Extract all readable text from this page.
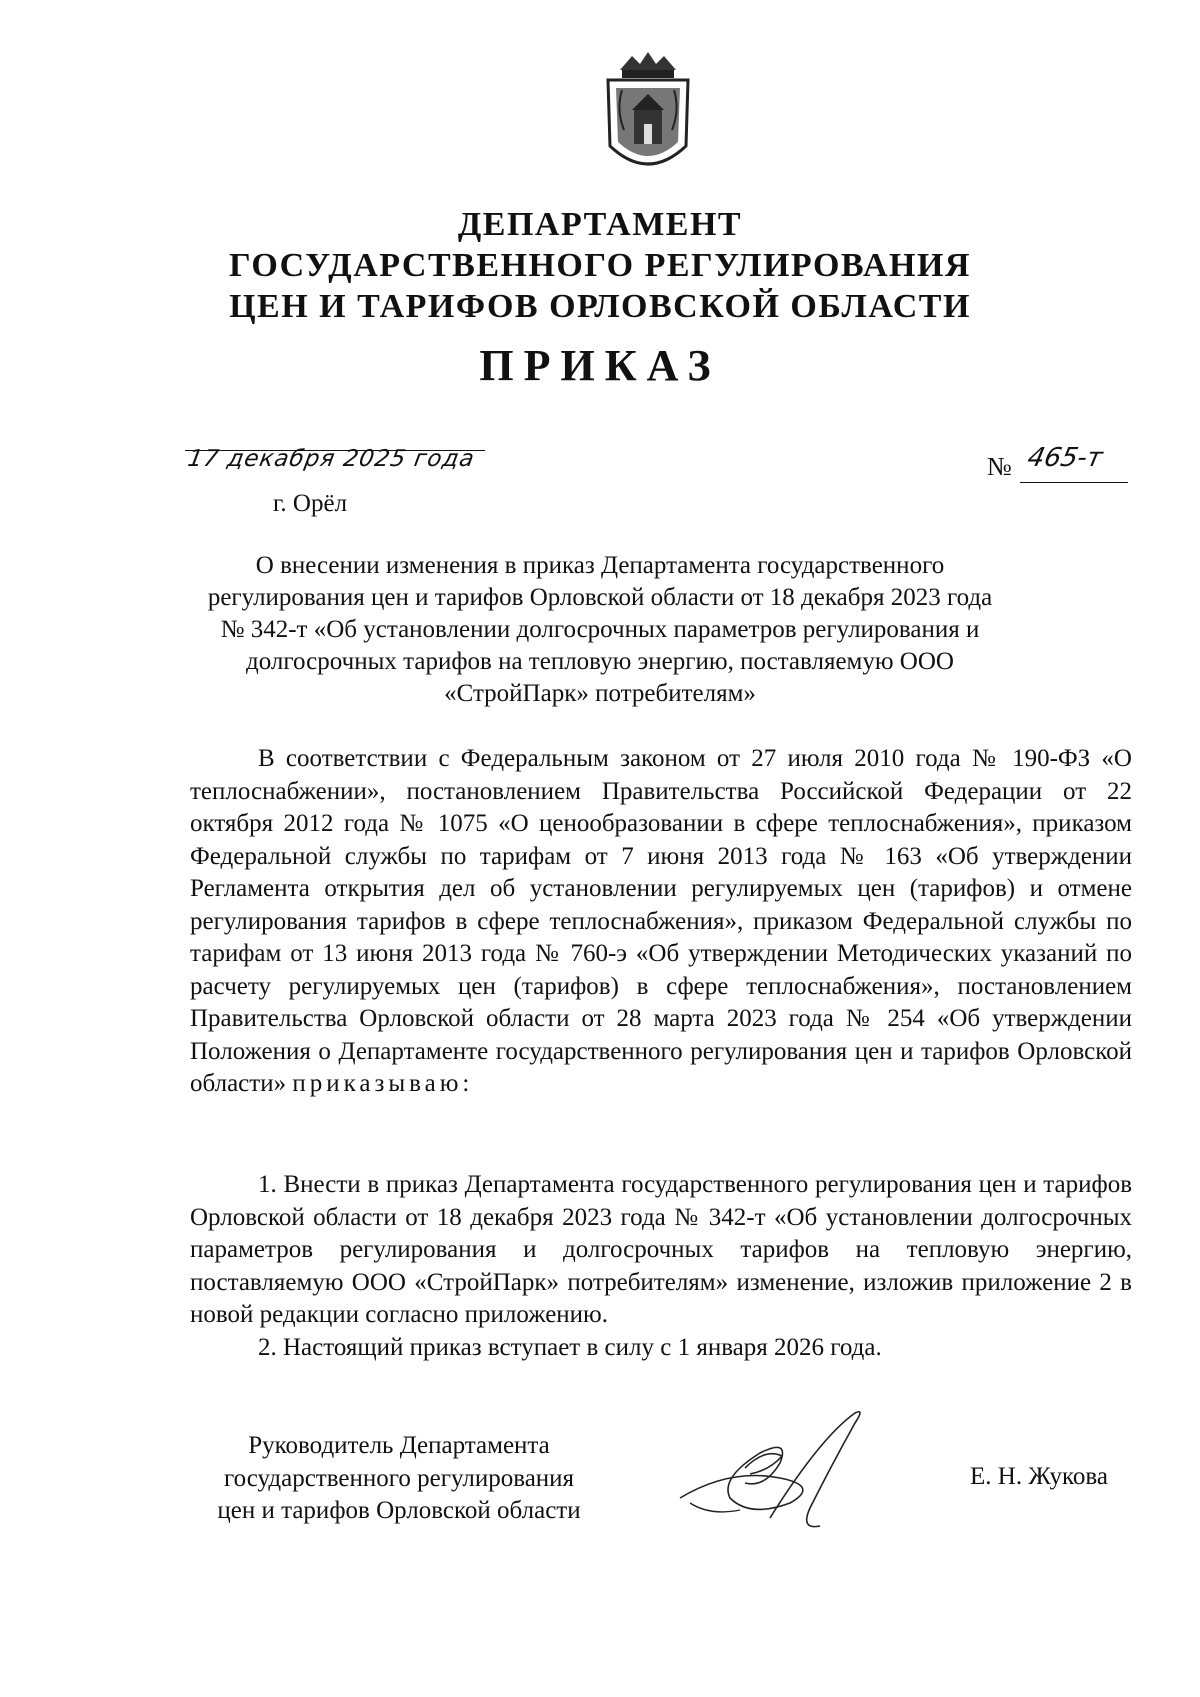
ДЕПАРТАМЕНТ
ГОСУДАРСТВЕННОГО РЕГУЛИРОВАНИЯ
ЦЕН И ТАРИФОВ ОРЛОВСКОЙ ОБЛАСТИ
ПРИКАЗ
17 декабря 2025 года
г. Орёл
№ 465-т
О внесении изменения в приказ Департамента государственного
регулирования цен и тарифов Орловской области от 18 декабря 2023 года
№ 342-т «Об установлении долгосрочных параметров регулирования и
долгосрочных тарифов на тепловую энергию, поставляемую ООО
«СтройПарк» потребителям»

В соответствии с Федеральным законом от 27 июля 2010 года № 190-ФЗ «О теплоснабжении», постановлением Правительства Российской Федерации от 22 октября 2012 года № 1075 «О ценообразовании в сфере теплоснабжения», приказом Федеральной службы по тарифам от 7 июня 2013 года № 163 «Об утверждении Регламента открытия дел об установлении регулируемых цен (тарифов) и отмене регулирования тарифов в сфере теплоснабжения», приказом Федеральной службы по тарифам от 13 июня 2013 года № 760-э «Об утверждении Методических указаний по расчету регулируемых цен (тарифов) в сфере теплоснабжения», постановлением Правительства Орловской области от 28 марта 2023 года № 254 «Об утверждении Положения о Департаменте государственного регулирования цен и тарифов Орловской области» приказываю:

1. Внести в приказ Департамента государственного регулирования цен и тарифов Орловской области от 18 декабря 2023 года № 342-т «Об установлении долгосрочных параметров регулирования и долгосрочных тарифов на тепловую энергию, поставляемую ООО «СтройПарк» потребителям» изменение, изложив приложение 2 в новой редакции согласно приложению.

2. Настоящий приказ вступает в силу с 1 января 2026 года.

Руководитель Департамента
государственного регулирования
цен и тарифов Орловской области
Е. Н. Жукова
